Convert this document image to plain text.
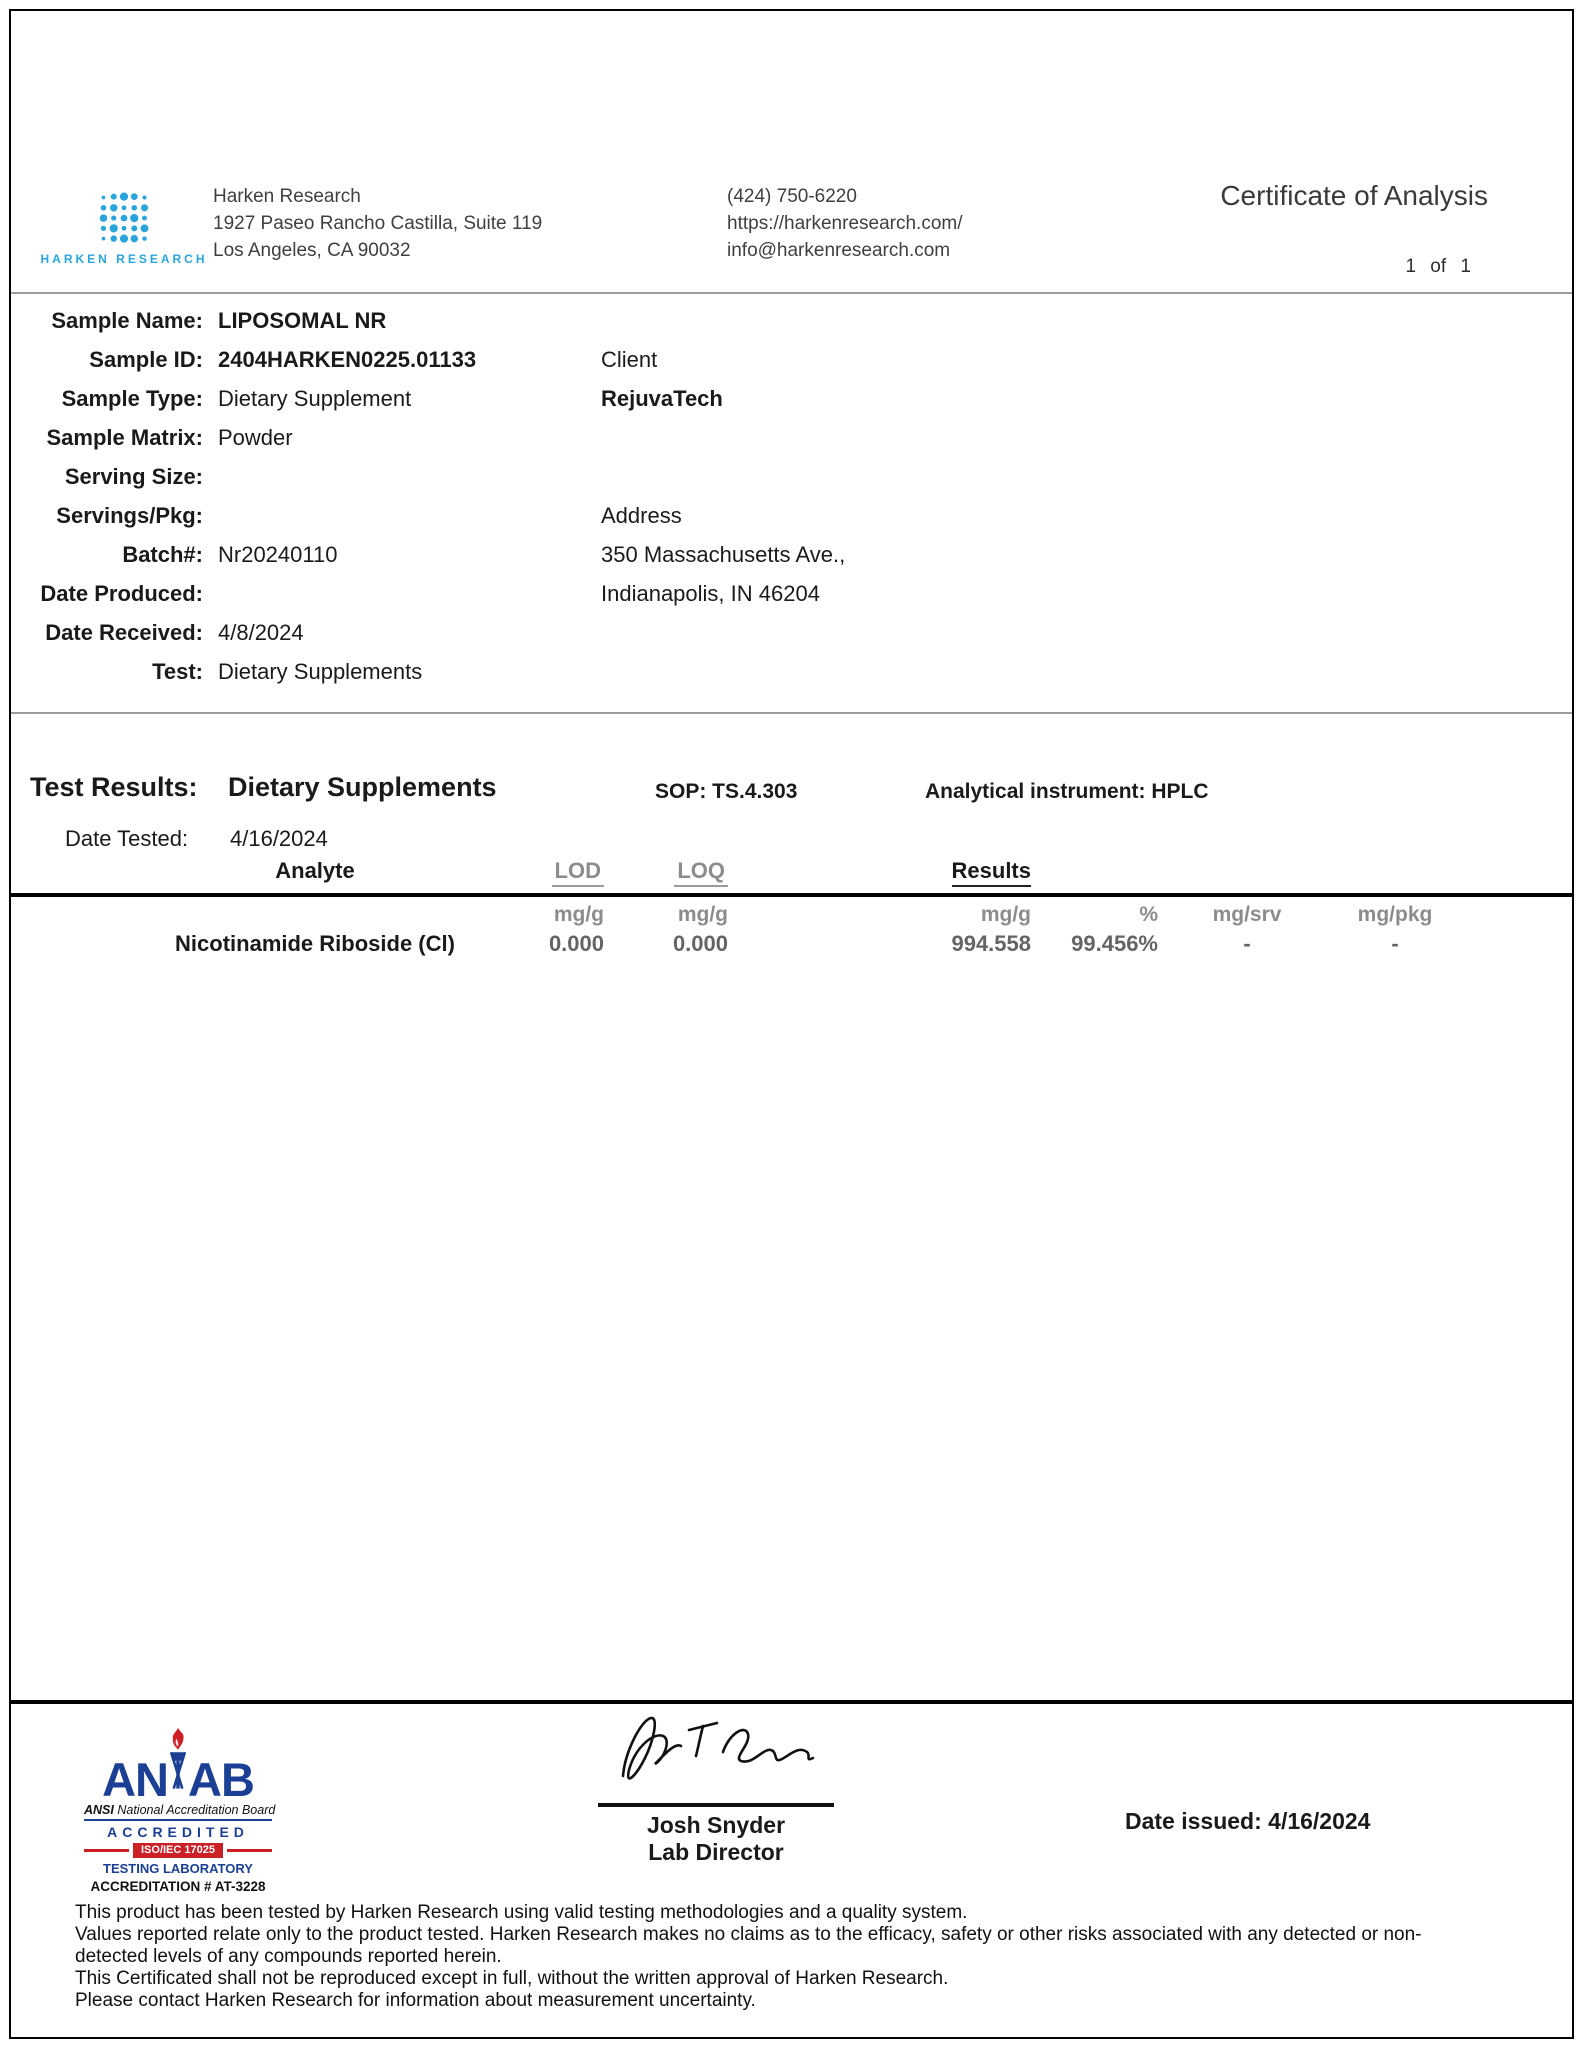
HARKEN RESEARCH
Harken Research
1927 Paseo Rancho Castilla, Suite 119
Los Angeles, CA 90032
(424) 750-6220
https://harkenresearch.com/
info@harkenresearch.com
Certificate of Analysis
1 of 1
Sample Name: LIPOSOMAL NR
Sample ID: 2404HARKEN0225.01133	Client
Sample Type: Dietary Supplement	RejuvaTech
Sample Matrix: Powder
Serving Size:
Servings/Pkg:	Address
Batch#: Nr20240110	350 Massachusetts Ave.,
Date Produced:	Indianapolis, IN 46204
Date Received: 4/8/2024
Test: Dietary Supplements
Test Results: Dietary Supplements	SOP: TS.4.303	Analytical instrument: HPLC
Date Tested: 4/16/2024
Analyte	LOD	LOQ	Results
mg/g	mg/g	mg/g	%	mg/srv	mg/pkg
Nicotinamide Riboside (Cl)	0.000	0.000	994.558	99.456%	-	-
AN AB
ANSI National Accreditation Board
ACCREDITED
ISO/IEC 17025
TESTING LABORATORY
ACCREDITATION # AT-3228
Josh Snyder
Lab Director
Date issued: 4/16/2024

This product has been tested by Harken Research using valid testing methodologies and a quality system.

Values reported relate only to the product tested. Harken Research makes no claims as to the efficacy, safety or other risks associated with any detected or non-detected levels of any compounds reported herein.

This Certificated shall not be reproduced except in full, without the written approval of Harken Research.

Please contact Harken Research for information about measurement uncertainty.
